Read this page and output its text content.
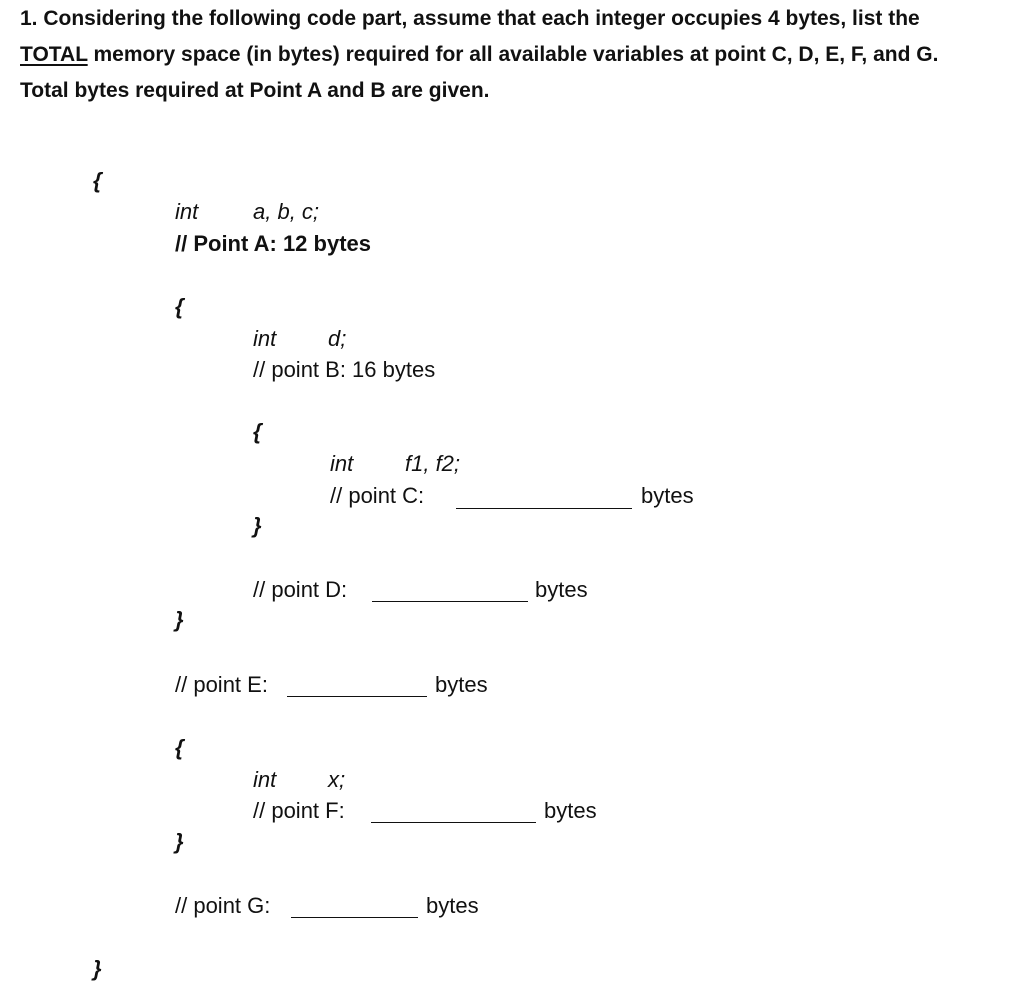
1. Considering the following code part, assume that each integer occupies 4 bytes, list the
TOTAL memory space (in bytes) required for all available variables at point C, D, E, F, and G.
Total bytes required at Point A and B are given.
{
int a, b, c;
// Point A: 12 bytes
{
int d;
// point B: 16 bytes
{
int f1, f2;
// point C:	bytes
}
// point D:	bytes
}
// point E:	bytes
{
int x;
// point F:	bytes
}
// point G:	bytes
}
